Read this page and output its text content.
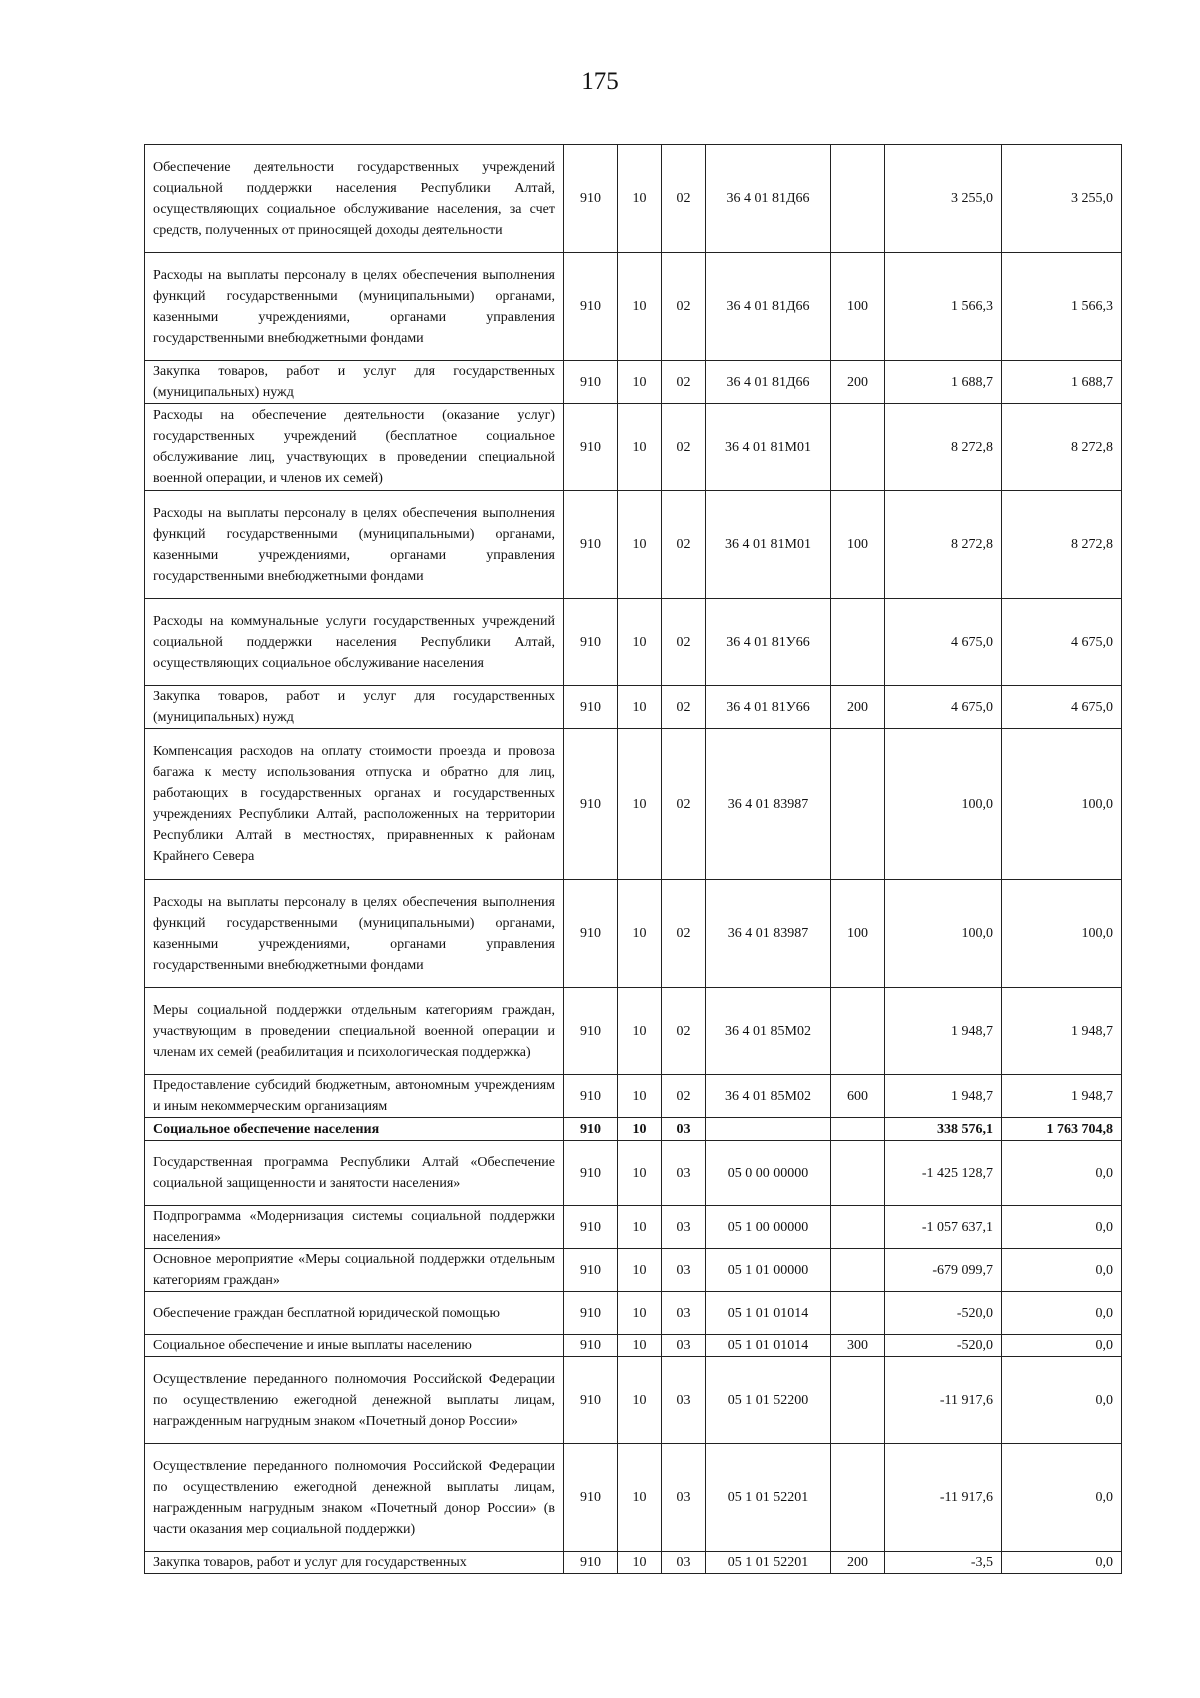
175
Обеспечение деятельности государственных учреждений социальной поддержки населения Республики Алтай, осуществляющих социальное обслуживание населения, за счет средств, полученных от приносящей доходы деятельности	910	10	02	36 4 01 81Д66		3 255,0	3 255,0
Расходы на выплаты персоналу в целях обеспечения выполнения функций государственными (муниципальными) органами, казенными учреждениями, органами управления государственными внебюджетными фондами	910	10	02	36 4 01 81Д66	100	1 566,3	1 566,3
Закупка товаров, работ и услуг для государственных (муниципальных) нужд	910	10	02	36 4 01 81Д66	200	1 688,7	1 688,7
Расходы на обеспечение деятельности (оказание услуг) государственных учреждений (бесплатное социальное обслуживание лиц, участвующих в проведении специальной военной операции, и членов их семей)	910	10	02	36 4 01 81М01		8 272,8	8 272,8
Расходы на выплаты персоналу в целях обеспечения выполнения функций государственными (муниципальными) органами, казенными учреждениями, органами управления государственными внебюджетными фондами	910	10	02	36 4 01 81М01	100	8 272,8	8 272,8
Расходы на коммунальные услуги государственных учреждений социальной поддержки населения Республики Алтай, осуществляющих социальное обслуживание населения	910	10	02	36 4 01 81У66		4 675,0	4 675,0
Закупка товаров, работ и услуг для государственных (муниципальных) нужд	910	10	02	36 4 01 81У66	200	4 675,0	4 675,0
Компенсация расходов на оплату стоимости проезда и провоза багажа к месту использования отпуска и обратно для лиц, работающих в государственных органах и государственных учреждениях Республики Алтай, расположенных на территории Республики Алтай в местностях, приравненных к районам Крайнего Севера	910	10	02	36 4 01 83987		100,0	100,0
Расходы на выплаты персоналу в целях обеспечения выполнения функций государственными (муниципальными) органами, казенными учреждениями, органами управления государственными внебюджетными фондами	910	10	02	36 4 01 83987	100	100,0	100,0
Меры социальной поддержки отдельным категориям граждан, участвующим в проведении специальной военной операции и членам их семей (реабилитация и психологическая поддержка)	910	10	02	36 4 01 85М02		1 948,7	1 948,7
Предоставление субсидий бюджетным, автономным учреждениям и иным некоммерческим организациям	910	10	02	36 4 01 85М02	600	1 948,7	1 948,7
Социальное обеспечение населения	910	10	03			338 576,1	1 763 704,8
Государственная программа Республики Алтай «Обеспечение социальной защищенности и занятости населения»	910	10	03	05 0 00 00000		-1 425 128,7	0,0
Подпрограмма «Модернизация системы социальной поддержки населения»	910	10	03	05 1 00 00000		-1 057 637,1	0,0
Основное мероприятие «Меры социальной поддержки отдельным категориям граждан»	910	10	03	05 1 01 00000		-679 099,7	0,0
Обеспечение граждан бесплатной юридической помощью	910	10	03	05 1 01 01014		-520,0	0,0
Социальное обеспечение и иные выплаты населению	910	10	03	05 1 01 01014	300	-520,0	0,0
Осуществление переданного полномочия Российской Федерации по осуществлению ежегодной денежной выплаты лицам, награжденным нагрудным знаком «Почетный донор России»	910	10	03	05 1 01 52200		-11 917,6	0,0
Осуществление переданного полномочия Российской Федерации по осуществлению ежегодной денежной выплаты лицам, награжденным нагрудным знаком «Почетный донор России» (в части оказания мер социальной поддержки)	910	10	03	05 1 01 52201		-11 917,6	0,0
Закупка товаров, работ и услуг для государственных	910	10	03	05 1 01 52201	200	-3,5	0,0
